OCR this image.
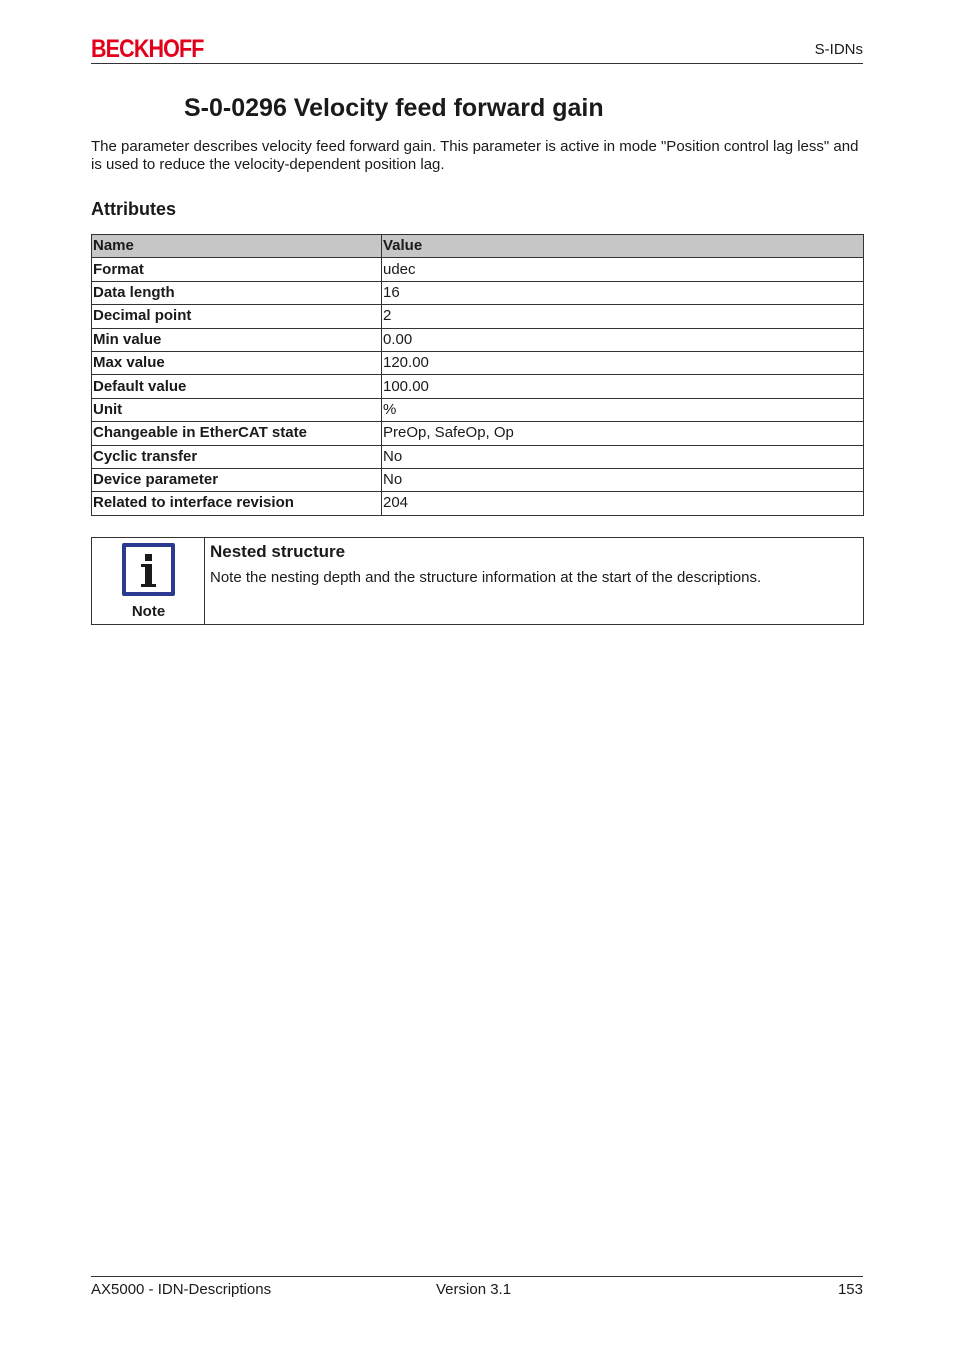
BECKHOFF	S-IDNs
S-0-0296 Velocity feed forward gain

The parameter describes velocity feed forward gain. This parameter is active in mode "Position control lag less" and is used to reduce the velocity-dependent position lag.

Attributes
Name	Value
Format	udec
Data length	16
Decimal point	2
Min value	0.00
Max value	120.00
Default value	100.00
Unit	%
Changeable in EtherCAT state	PreOp, SafeOp, Op
Cyclic transfer	No
Device parameter	No
Related to interface revision	204
Note
Nested structure
Note the nesting depth and the structure information at the start of the descriptions.
AX5000 - IDN-Descriptions	Version 3.1	153
